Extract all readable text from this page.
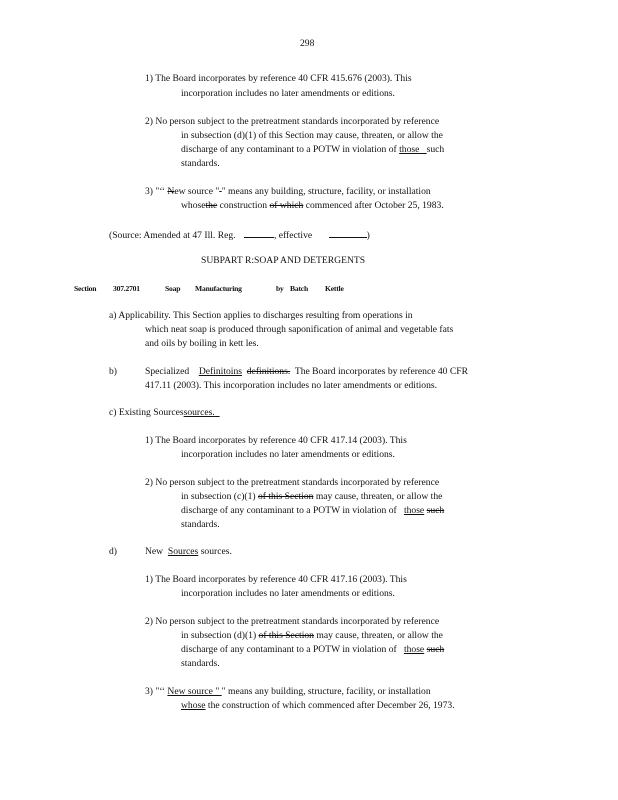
298
1) The Board incorporates by reference 40 CFR 415.676 (2003). This
incorporation includes no later amendments or editions.
2) No person subject to the pretreatment standards incorporated by reference
in subsection (d)(1) of this Section may cause, threaten, or allow the
discharge of any contaminant to a POTW in violation of those such
standards.
3) "‘‘ New source " " means any building, structure, facility, or installation
whosethe construction of which commenced after October 25, 1983.
(Source: Amended at 47 Ill. Reg.	, effective	)
SUBPART R:SOAP AND DETERGENTS
Section 307.2701	Soap Manufacturing	by Batch Kettle
a) Applicability. This Section applies to discharges resulting from operations in
which neat soap is produced through saponification of animal and vegetable fats
and oils by boiling in kett les.
b)	Specialized Definitoins definitions. The Board incorporates by reference 40 CFR
417.11 (2003). This incorporation includes no later amendments or editions.
c) Existing Sourcessources.
1) The Board incorporates by reference 40 CFR 417.14 (2003). This
incorporation includes no later amendments or editions.
2) No person subject to the pretreatment standards incorporated by reference
in subsection (c)(1) of this Section may cause, threaten, or allow the
discharge of any contaminant to a POTW in violation of those such
standards.
d)	New Sources sources.
1) The Board incorporates by reference 40 CFR 417.16 (2003). This
incorporation includes no later amendments or editions.
2) No person subject to the pretreatment standards incorporated by reference
in subsection (d)(1) of this Section may cause, threaten, or allow the
discharge of any contaminant to a POTW in violation of those such
standards.
3) "‘‘ New source " " means any building, structure, facility, or installation
whose the construction of which commenced after December 26, 1973.
